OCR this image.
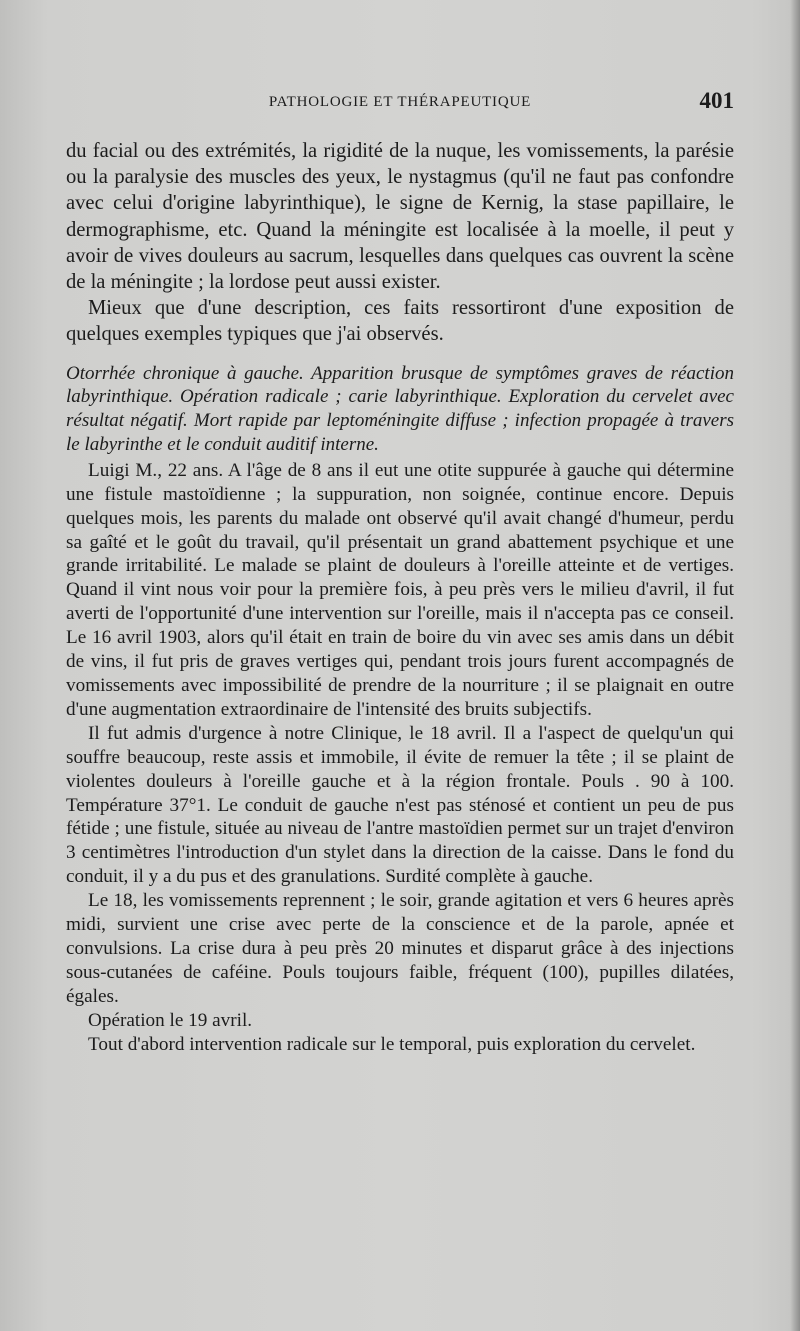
PATHOLOGIE ET THÉRAPEUTIQUE	401

du facial ou des extrémités, la rigidité de la nuque, les vomissements, la parésie ou la paralysie des muscles des yeux, le nystagmus (qu'il ne faut pas confondre avec celui d'origine labyrinthique), le signe de Kernig, la stase papillaire, le dermographisme, etc. Quand la méningite est localisée à la moelle, il peut y avoir de vives douleurs au sacrum, lesquelles dans quelques cas ouvrent la scène de la méningite ; la lordose peut aussi exister.

Mieux que d'une description, ces faits ressortiront d'une exposition de quelques exemples typiques que j'ai observés.

Otorrhée chronique à gauche. Apparition brusque de symptômes graves de réaction labyrinthique. Opération radicale ; carie labyrinthique. Exploration du cervelet avec résultat négatif. Mort rapide par leptoméningite diffuse ; infection propagée à travers le labyrinthe et le conduit auditif interne.

Luigi M., 22 ans. A l'âge de 8 ans il eut une otite suppurée à gauche qui détermine une fistule mastoïdienne ; la suppuration, non soignée, continue encore. Depuis quelques mois, les parents du malade ont observé qu'il avait changé d'humeur, perdu sa gaîté et le goût du travail, qu'il présentait un grand abattement psychique et une grande irritabilité. Le malade se plaint de douleurs à l'oreille atteinte et de vertiges. Quand il vint nous voir pour la première fois, à peu près vers le milieu d'avril, il fut averti de l'opportunité d'une intervention sur l'oreille, mais il n'accepta pas ce conseil. Le 16 avril 1903, alors qu'il était en train de boire du vin avec ses amis dans un débit de vins, il fut pris de graves vertiges qui, pendant trois jours furent accompagnés de vomissements avec impossibilité de prendre de la nourriture ; il se plaignait en outre d'une augmentation extraordinaire de l'intensité des bruits subjectifs.

Il fut admis d'urgence à notre Clinique, le 18 avril. Il a l'aspect de quelqu'un qui souffre beaucoup, reste assis et immobile, il évite de remuer la tête ; il se plaint de violentes douleurs à l'oreille gauche et à la région frontale. Pouls . 90 à 100. Température 37°1. Le conduit de gauche n'est pas sténosé et contient un peu de pus fétide ; une fistule, située au niveau de l'antre mastoïdien permet sur un trajet d'environ 3 centimètres l'introduction d'un stylet dans la direction de la caisse. Dans le fond du conduit, il y a du pus et des granulations. Surdité complète à gauche.

Le 18, les vomissements reprennent ; le soir, grande agitation et vers 6 heures après midi, survient une crise avec perte de la conscience et de la parole, apnée et convulsions. La crise dura à peu près 20 minutes et disparut grâce à des injections sous-cutanées de caféine. Pouls toujours faible, fréquent (100), pupilles dilatées, égales.

Opération le 19 avril.

Tout d'abord intervention radicale sur le temporal, puis exploration du cervelet.
